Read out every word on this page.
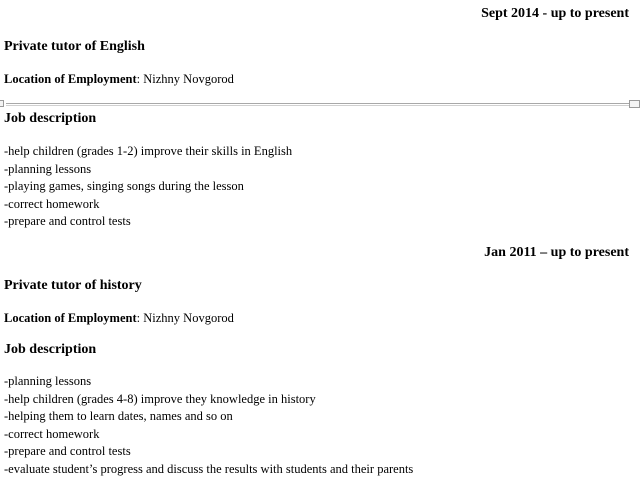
Sept 2014 - up to present
Private tutor of English
Location of Employment: Nizhny Novgorod
Job description
-help children (grades 1-2) improve their skills in English
-planning lessons
-playing games, singing songs during the lesson
-correct homework
-prepare and control tests
Jan 2011 – up to present
Private tutor of history
Location of Employment: Nizhny Novgorod
Job description
-planning lessons
-help children (grades 4-8) improve they knowledge in history
-helping them to learn dates, names and so on
-correct homework
-prepare and control tests
-evaluate student’s progress and discuss the results with students and their parents
